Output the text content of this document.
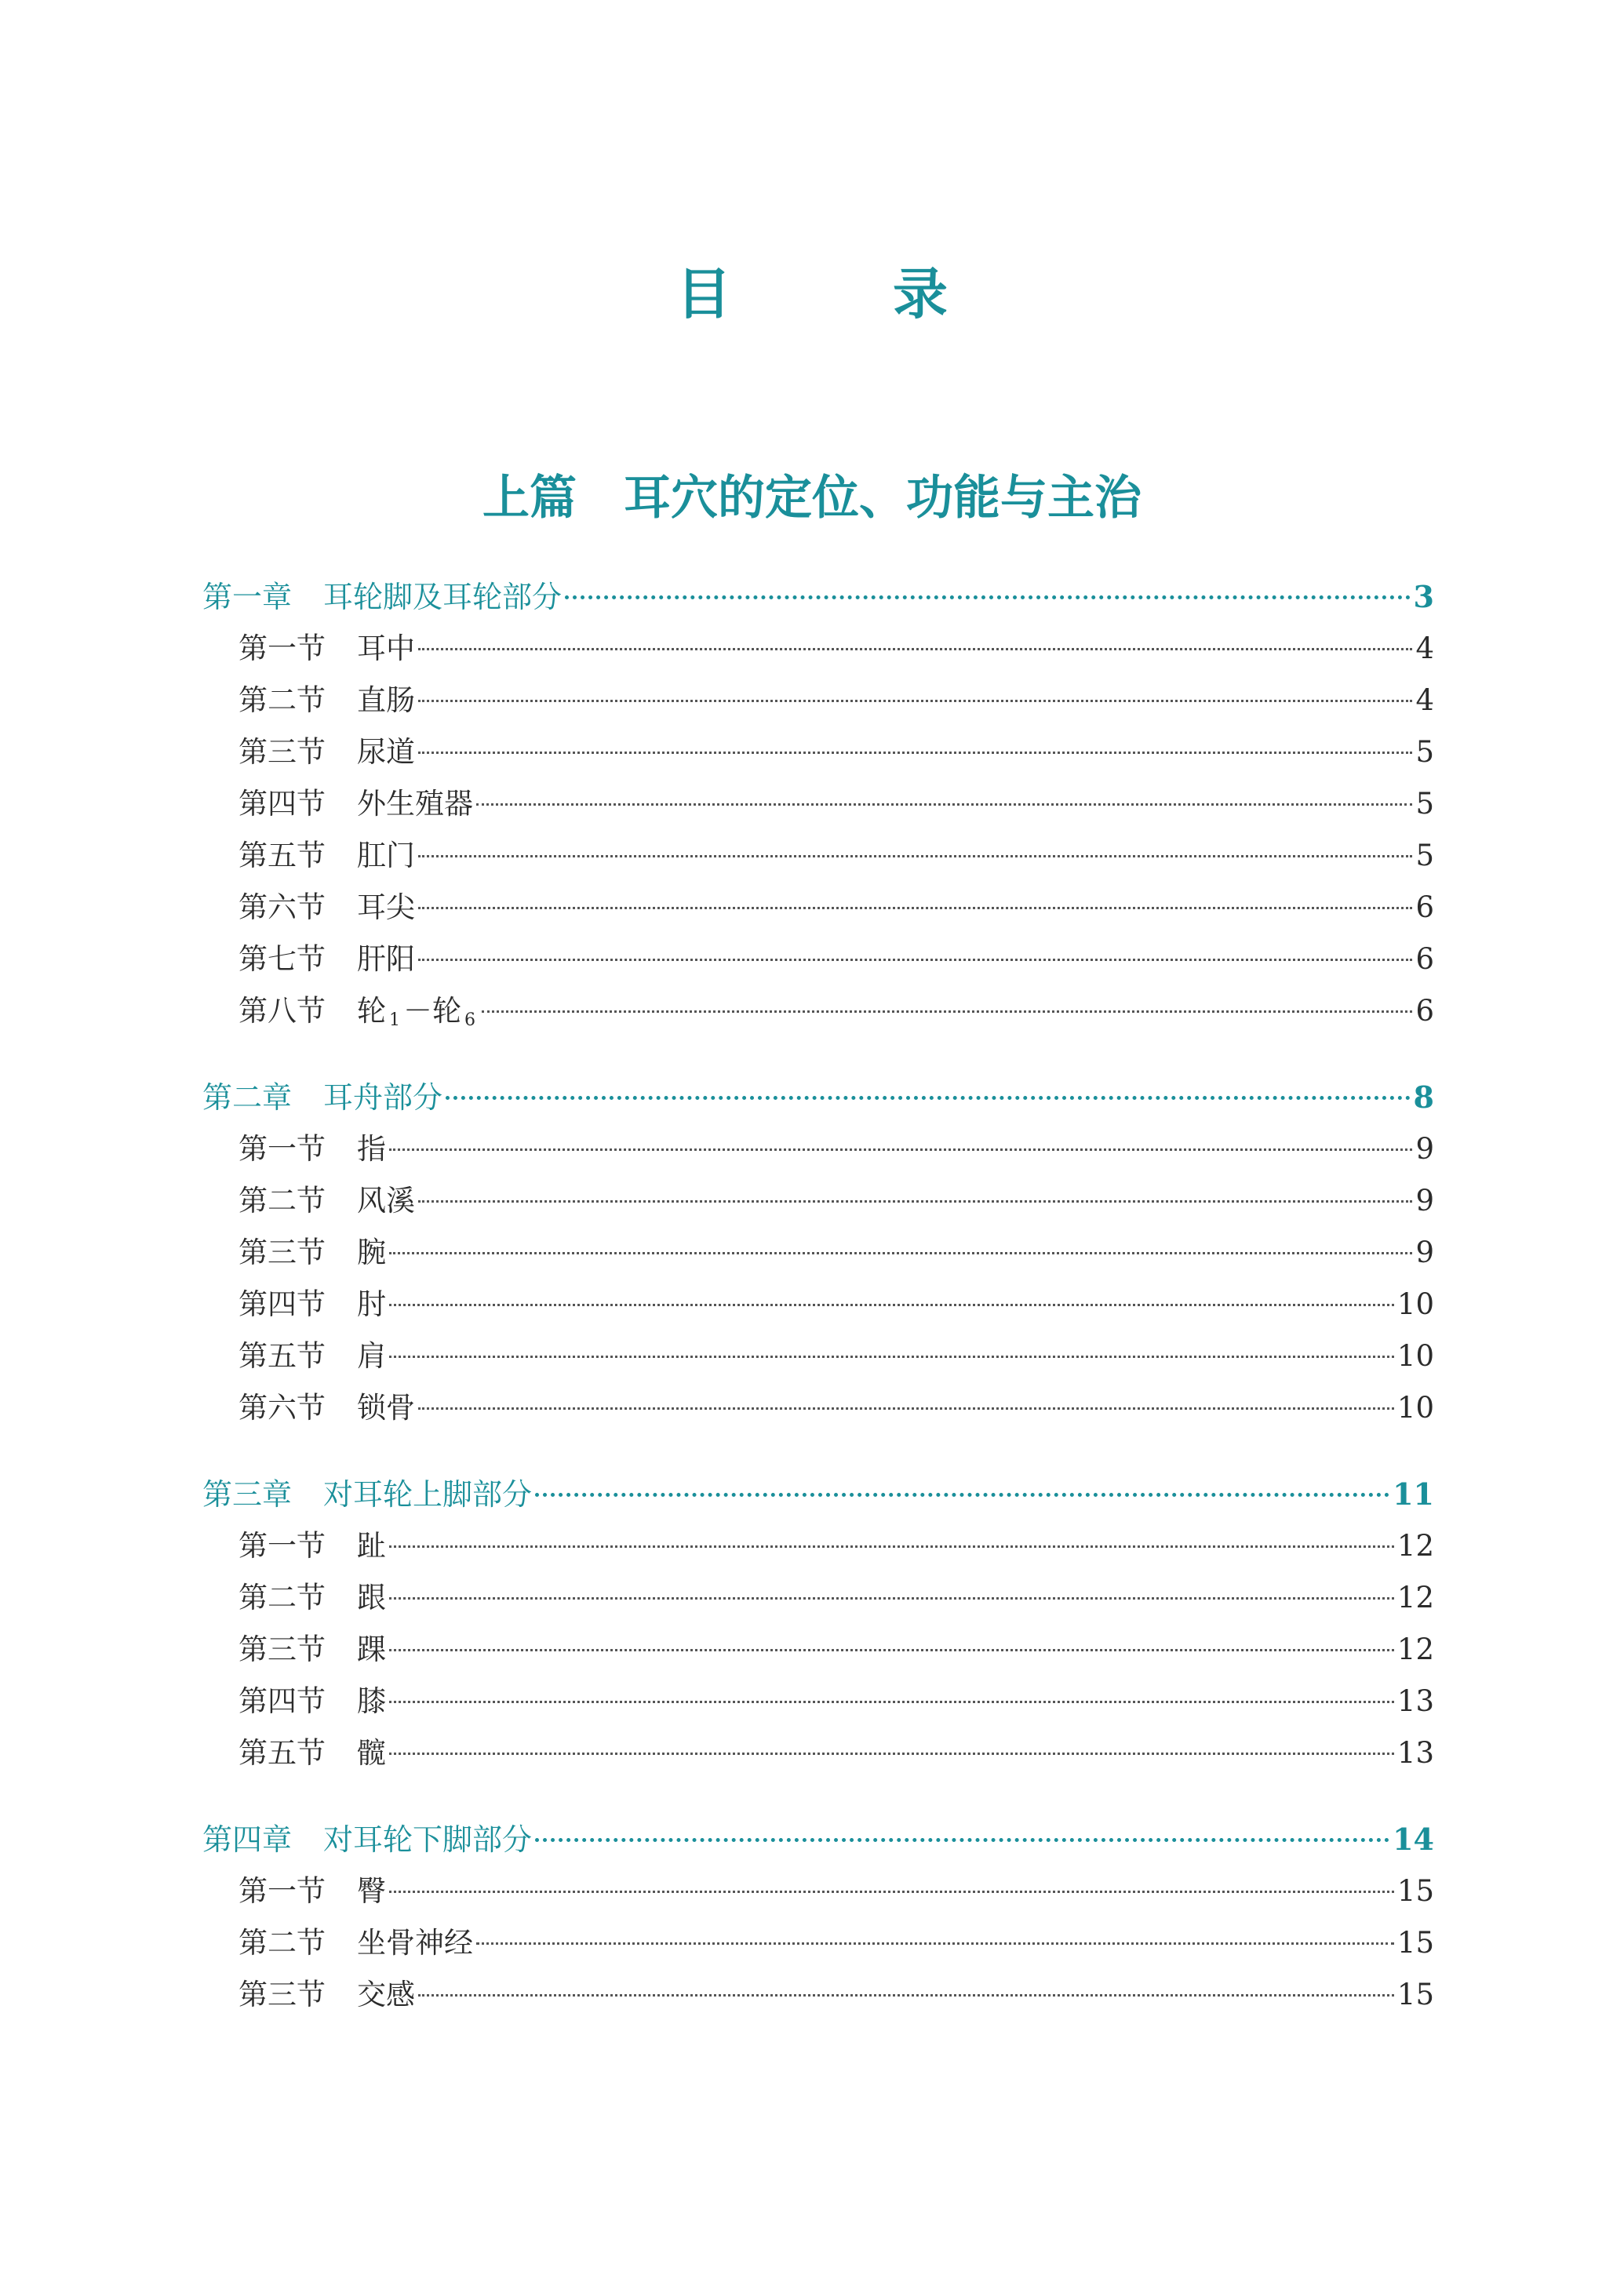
目　录
上篇　耳穴的定位、功能与主治
第一章 耳轮脚及耳轮部分	3
第一节 耳中	4
第二节 直肠	4
第三节 尿道	5
第四节 外生殖器	5
第五节 肛门	5
第六节 耳尖	6
第七节 肝阳	6
第八节 轮 $_1$ －轮 $_6$	6
第二章 耳舟部分	8
第一节 指	9
第二节 风溪	9
第三节 腕	9
第四节 肘	10
第五节 肩	10
第六节 锁骨	10
第三章 对耳轮上脚部分	11
第一节 趾	12
第二节 跟	12
第三节 踝	12
第四节 膝	13
第五节 髋	13
第四章 对耳轮下脚部分	14
第一节 臀	15
第二节 坐骨神经	15
第三节 交感	15
